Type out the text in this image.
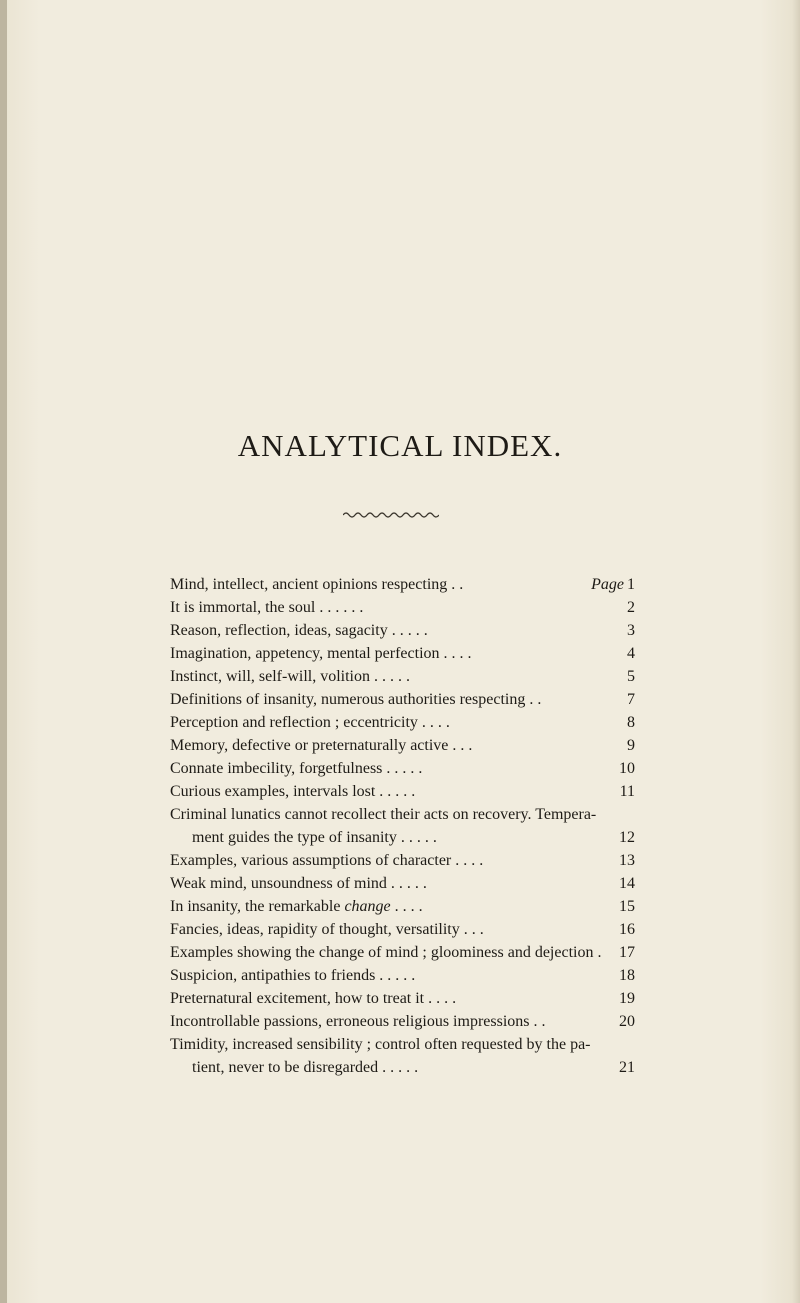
ANALYTICAL INDEX.
Mind, intellect, ancient opinions respecting . .	Page 1
It is immortal, the soul . . . . . .	2
Reason, reflection, ideas, sagacity . . . . .	3
Imagination, appetency, mental perfection . . . .	4
Instinct, will, self-will, volition . . . . .	5
Definitions of insanity, numerous authorities respecting . .	7
Perception and reflection ; eccentricity . . . .	8
Memory, defective or preternaturally active . . .	9
Connate imbecility, forgetfulness . . . . .	10
Curious examples, intervals lost . . . . .	11
Criminal lunatics cannot recollect their acts on recovery. Tempera-
ment guides the type of insanity . . . . .	12
Examples, various assumptions of character . . . .	13
Weak mind, unsoundness of mind . . . . .	14
In insanity, the remarkable change . . . .	15
Fancies, ideas, rapidity of thought, versatility . . .	16
Examples showing the change of mind ; gloominess and dejection . 17
Suspicion, antipathies to friends . . . . .	18
Preternatural excitement, how to treat it . . . .	19
Incontrollable passions, erroneous religious impressions . .	20
Timidity, increased sensibility ; control often requested by the pa-
tient, never to be disregarded . . . . .	21
